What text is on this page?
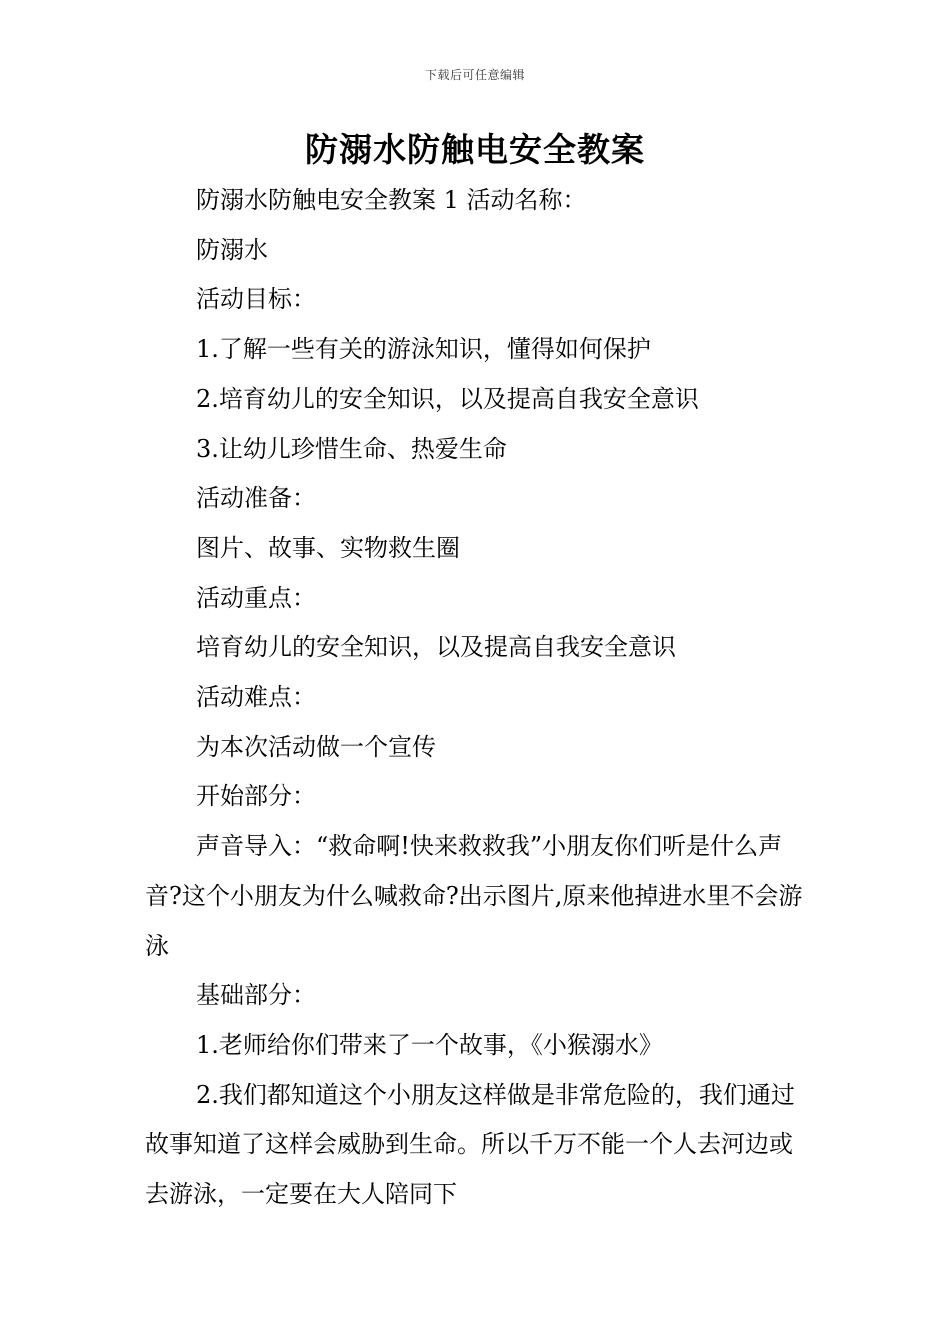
下载后可任意编辑
防溺水防触电安全教案

防溺水防触电安全教案 1 活动名称：

防溺水

活动目标：

1.了解一些有关的游泳知识，懂得如何保护

2.培育幼儿的安全知识，以及提高自我安全意识

3.让幼儿珍惜生命、热爱生命

活动准备：

图片、故事、实物救生圈

活动重点：

培育幼儿的安全知识，以及提高自我安全意识

活动难点：

为本次活动做一个宣传

开始部分：

声音导入：“救命啊!快来救救我”小朋友你们听是什么声音?这个小朋友为什么喊救命?出示图片,原来他掉进水里不会游泳

基础部分：

1.老师给你们带来了一个故事，《小猴溺水》

2.我们都知道这个小朋友这样做是非常危险的，我们通过故事知道了这样会威胁到生命。所以千万不能一个人去河边或去游泳，一定要在大人陪同下
